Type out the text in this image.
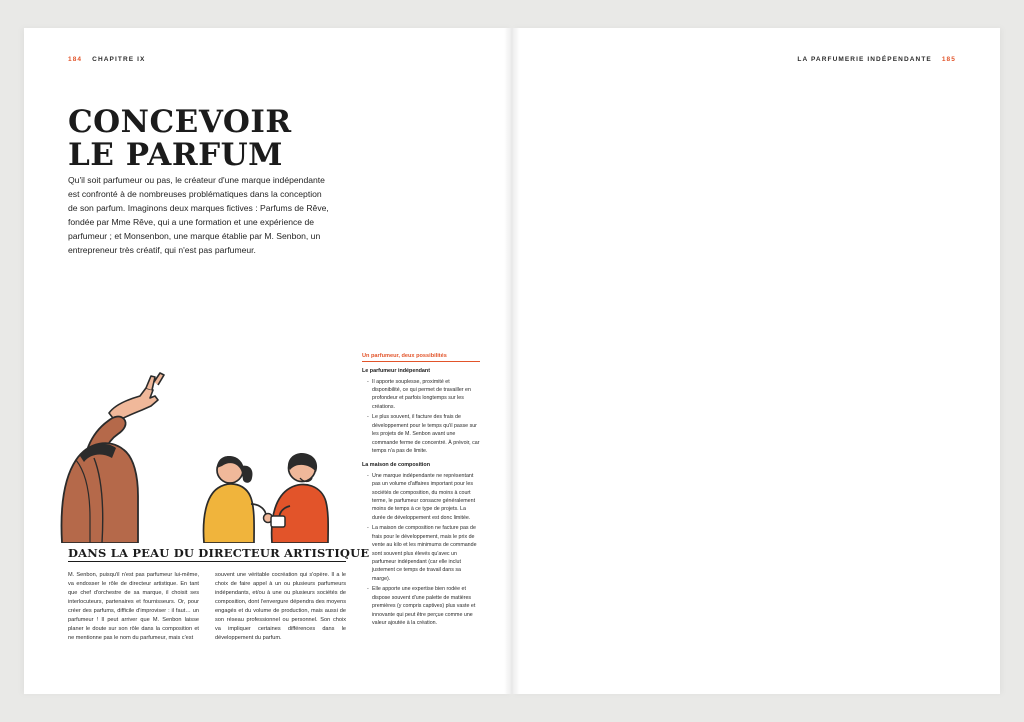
184 CHAPITRE IX
CONCEVOIR
LE PARFUM
Qu'il soit parfumeur ou pas, le créateur d'une marque indépendante est confronté à de nombreuses problématiques dans la conception de son parfum. Imaginons deux marques fictives : Parfums de Rêve, fondée par Mme Rêve, qui a une formation et une expérience de parfumeur ; et Monsenbon, une marque établie par M. Senbon, un entrepreneur très créatif, qui n'est pas parfumeur.
DANS LA PEAU DU DIRECTEUR ARTISTIQUE
M. Senbon, puisqu'il n'est pas parfumeur lui-même, va endosser le rôle de directeur artistique. En tant que chef d'orchestre de sa marque, il choisit ses interlocuteurs, partenaires et fournisseurs. Or, pour créer des parfums, difficile d'improviser : il faut… un parfumeur ! Il peut arriver que M. Senbon laisse planer le doute sur son rôle dans la composition et ne mentionne pas le nom du parfumeur, mais c'est
souvent une véritable cocréation qui s'opère. Il a le choix de faire appel à un ou plusieurs parfumeurs indépendants, et/ou à une ou plusieurs sociétés de composition, dont l'envergure dépendra des moyens engagés et du volume de production, mais aussi de son réseau professionnel ou personnel. Son choix va impliquer certaines différences dans le développement du parfum.
Un parfumeur, deux possibilités
Le parfumeur indépendant
- Il apporte souplesse, proximité et disponibilité, ce qui permet de travailler en profondeur et parfois longtemps sur les créations.
- Le plus souvent, il facture des frais de développement pour le temps qu'il passe sur les projets de M. Senbon avant une commande ferme de concentré. À prévoir, car temps n'a pas de limite.
La maison de composition
- Une marque indépendante ne représentant pas un volume d'affaires important pour les sociétés de composition, du moins à court terme, le parfumeur consacre généralement moins de temps à ce type de projets. La durée de développement est donc limitée.
- La maison de composition ne facture pas de frais pour le développement, mais le prix de vente au kilo et les minimums de commande sont souvent plus élevés qu'avec un parfumeur indépendant (car elle inclut justement ce temps de travail dans sa marge).
- Elle apporte une expertise bien rodée et dispose souvent d'une palette de matières premières (y compris captives) plus vaste et innovante qui peut être perçue comme une valeur ajoutée à la création.
LA PARFUMERIE INDÉPENDANTE 185
